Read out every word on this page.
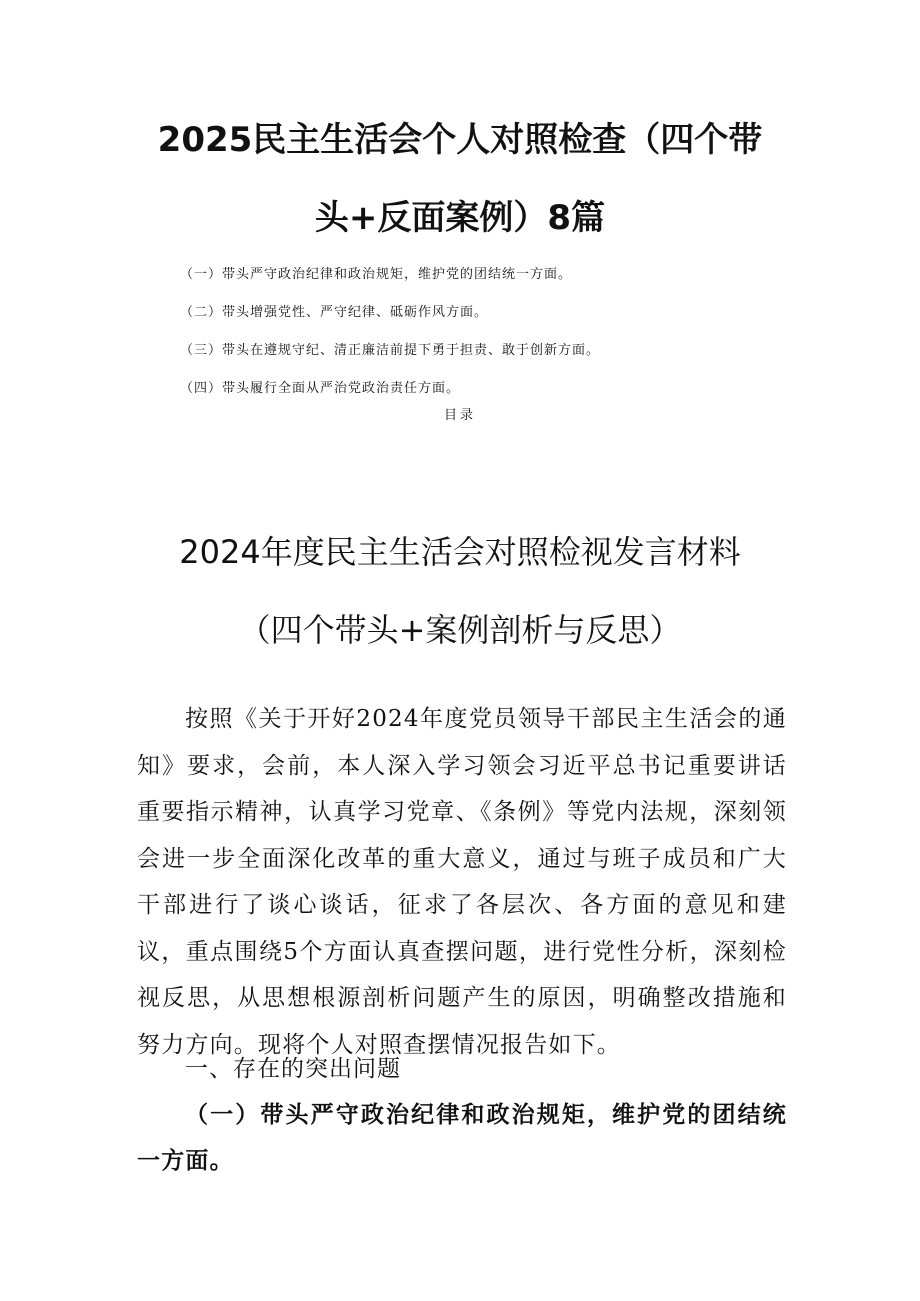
2025民主生活会个人对照检查（四个带
头+反面案例）8篇
（一）带头严守政治纪律和政治规矩，维护党的团结统一方面。
（二）带头增强党性、严守纪律、砥砺作风方面。
（三）带头在遵规守纪、清正廉洁前提下勇于担责、敢于创新方面。
（四）带头履行全面从严治党政治责任方面。
目录
2024年度民主生活会对照检视发言材料
（四个带头+案例剖析与反思）

按照《关于开好2024年度党员领导干部民主生活会的通知》要求，会前，本人深入学习领会习近平总书记重要讲话重要指示精神，认真学习党章、《条例》等党内法规，深刻领会进一步全面深化改革的重大意义，通过与班子成员和广大干部进行了谈心谈话，征求了各层次、各方面的意见和建议，重点围绕5个方面认真查摆问题，进行党性分析，深刻检视反思，从思想根源剖析问题产生的原因，明确整改措施和努力方向。现将个人对照查摆情况报告如下。

一、存在的突出问题

（一）带头严守政治纪律和政治规矩，维护党的团结统一方面。
